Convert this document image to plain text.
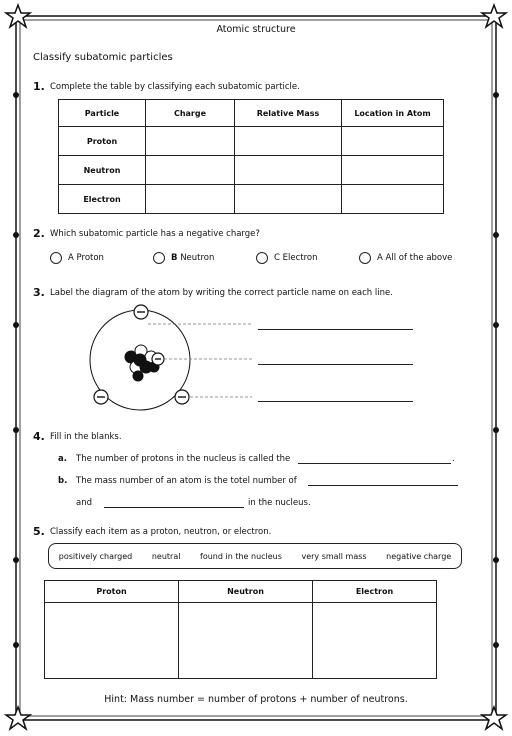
Atomic structure
Classify subatomic particles
1. Complete the table by classifying each subatomic particle.
Particle	Charge	Relative Mass	Location in Atom
Proton			
Neutron			
Electron			
2. Which subatomic particle has a negative charge?
A
Proton	B
Neutron	C
Electron	A
All of the above
3. Label the diagram of the atom by writing the correct particle name on each line.
4. Fill in the blanks.
a. The number of protons in the nucleus is called the	.
b. The mass number of an atom is the totel number of
and	in the nucleus.
5. Classify each item as a proton, neutron, or electron.
positively charged neutral found in the nucleus very small mass negative charge
Proton	Neutron	Electron

Hint: Mass number = number of protons + number of neutrons.
